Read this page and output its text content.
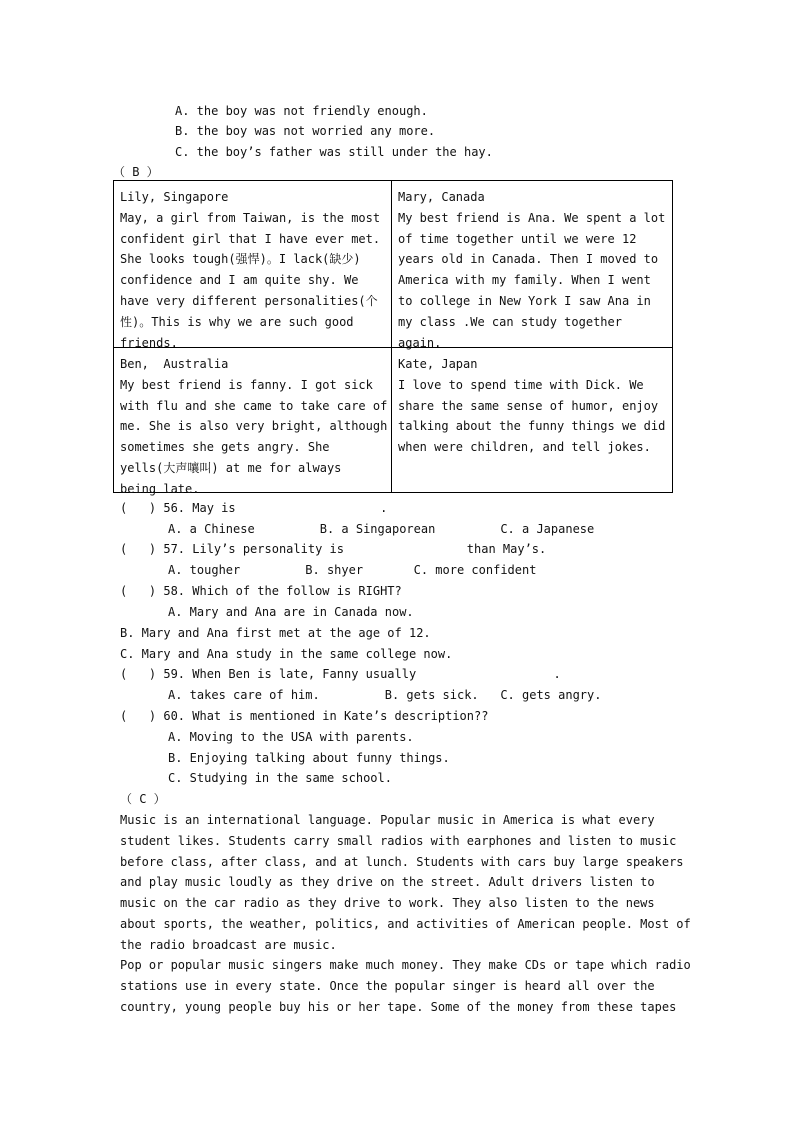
A. the boy was not friendly enough.
B. the boy was not worried any more.
C. the boy’s father was still under the hay.
（ B ）
Lily, Singapore
May, a girl from Taiwan, is the most
confident girl that I have ever met.
She looks tough(强悍)。I lack(缺少)
confidence and I am quite shy. We
have very different personalities(个
性)。This is why we are such good
friends.
Mary, Canada
My best friend is Ana. We spent a lot
of time together until we were 12
years old in Canada. Then I moved to
America with my family. When I went
to college in New York I saw Ana in
my class .We can study together
again.
Ben,  Australia
My best friend is fanny. I got sick
with flu and she came to take care of
me. She is also very bright, although
sometimes she gets angry. She
yells(大声嚷叫) at me for always
being late.
Kate, Japan
I love to spend time with Dick. We
share the same sense of humor, enjoy
talking about the funny things we did
when were children, and tell jokes.
(   ) 56. May is                    .
A. a Chinese         B. a Singaporean         C. a Japanese
(   ) 57. Lily’s personality is                 than May’s.
A. tougher         B. shyer       C. more confident
(   ) 58. Which of the follow is RIGHT?
A. Mary and Ana are in Canada now.
B. Mary and Ana first met at the age of 12.
C. Mary and Ana study in the same college now.
(   ) 59. When Ben is late, Fanny usually                   .
A. takes care of him.         B. gets sick.   C. gets angry.
(   ) 60. What is mentioned in Kate’s description??
A. Moving to the USA with parents.
B. Enjoying talking about funny things.
C. Studying in the same school.
（ C ）
Music is an international language. Popular music in America is what every
student likes. Students carry small radios with earphones and listen to music
before class, after class, and at lunch. Students with cars buy large speakers
and play music loudly as they drive on the street. Adult drivers listen to
music on the car radio as they drive to work. They also listen to the news
about sports, the weather, politics, and activities of American people. Most of
the radio broadcast are music.
Pop or popular music singers make much money. They make CDs or tape which radio
stations use in every state. Once the popular singer is heard all over the
country, young people buy his or her tape. Some of the money from these tapes
